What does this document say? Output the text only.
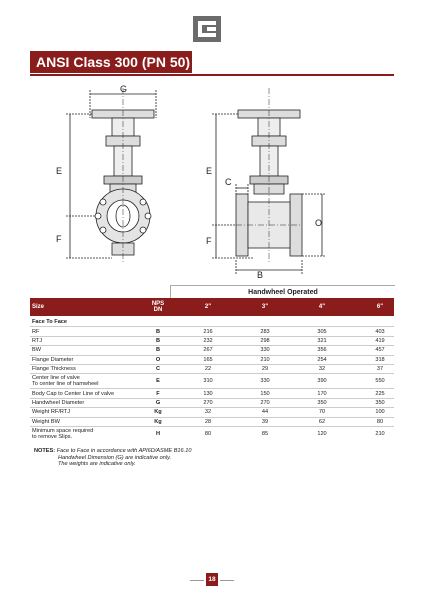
ANSI Class 300 (PN 50)
G
E
F
E
C
O
F
B
Handwheel Operated
Size
NPS
DN
2"	3"	4"	6"
Face To Face
RF	B	216	283	305	403
RTJ	B	232	298	321	419
BW	B	267	330	356	457
Flange Diameter	O	165	210	254	318
Flange Thickness	C	22	29	32	37
Center line of valve
To center line of hamwheel	E	310	330	390	550
Body Cap to Center Line of valve	F	130	150	170	225
Handwheel Diameter	G	270	270	350	350
Weight RF/RTJ	Kg	32	44	70	100
Weight BW	Kg	28	39	62	80
Minimum space required
to remove Slips.	H	80	85	120	210
NOTES: Face to Face in accordance with API6D/ASME B16.10
Handwheel Dimension (G) are indicative only.
The weights are indicative only.
18
